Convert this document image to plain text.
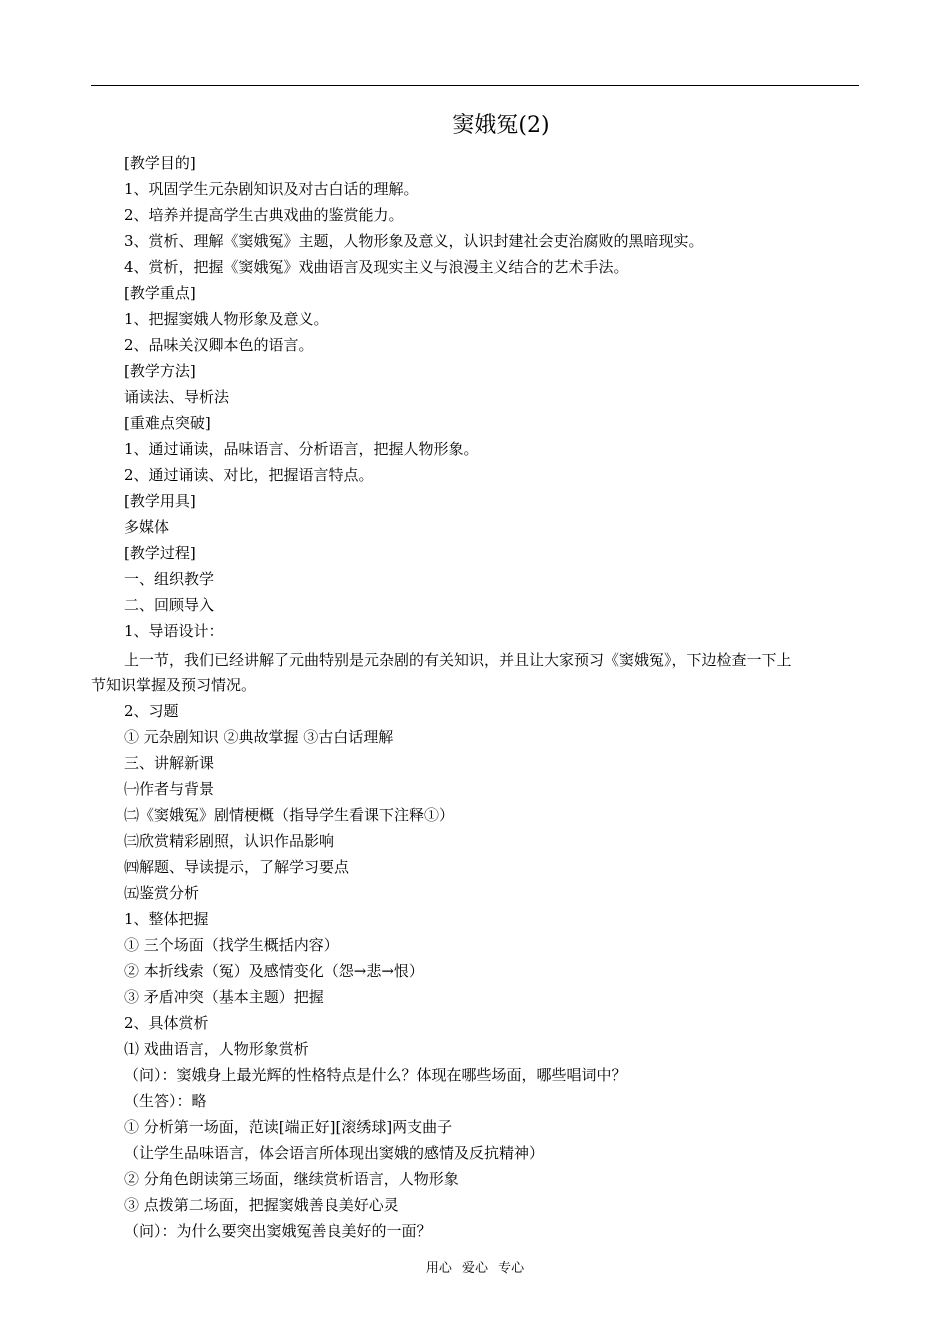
窦娥冤(2)
[教学目的]
1、巩固学生元杂剧知识及对古白话的理解。
2、培养并提高学生古典戏曲的鉴赏能力。
3、赏析、理解《窦娥冤》主题，人物形象及意义，认识封建社会吏治腐败的黑暗现实。
4、赏析，把握《窦娥冤》戏曲语言及现实主义与浪漫主义结合的艺术手法。
[教学重点]
1、把握窦娥人物形象及意义。
2、品味关汉卿本色的语言。
[教学方法]
诵读法、导析法
[重难点突破]
1、通过诵读，品味语言、分析语言，把握人物形象。
2、通过诵读、对比，把握语言特点。
[教学用具]
多媒体
[教学过程]
一、组织教学
二、回顾导入
1、导语设计：
上一节，我们已经讲解了元曲特别是元杂剧的有关知识，并且让大家预习《窦娥冤》，下边检查一下上
节知识掌握及预习情况。
2、习题
① 元杂剧知识 ②典故掌握 ③古白话理解
三、讲解新课
㈠作者与背景
㈡《窦娥冤》剧情梗概（指导学生看课下注释①）
㈢欣赏精彩剧照，认识作品影响
㈣解题、导读提示，了解学习要点
㈤鉴赏分析
1、整体把握
① 三个场面（找学生概括内容）
② 本折线索（冤）及感情变化（怨→悲→恨）
③ 矛盾冲突（基本主题）把握
2、具体赏析
⑴ 戏曲语言，人物形象赏析
（问）：窦娥身上最光辉的性格特点是什么？体现在哪些场面，哪些唱词中？
（生答）：略
① 分析第一场面，范读[端正好][滚绣球]两支曲子
（让学生品味语言，体会语言所体现出窦娥的感情及反抗精神）
② 分角色朗读第三场面，继续赏析语言，人物形象
③ 点拨第二场面，把握窦娥善良美好心灵
（问）：为什么要突出窦娥冤善良美好的一面？
用心 爱心 专心
